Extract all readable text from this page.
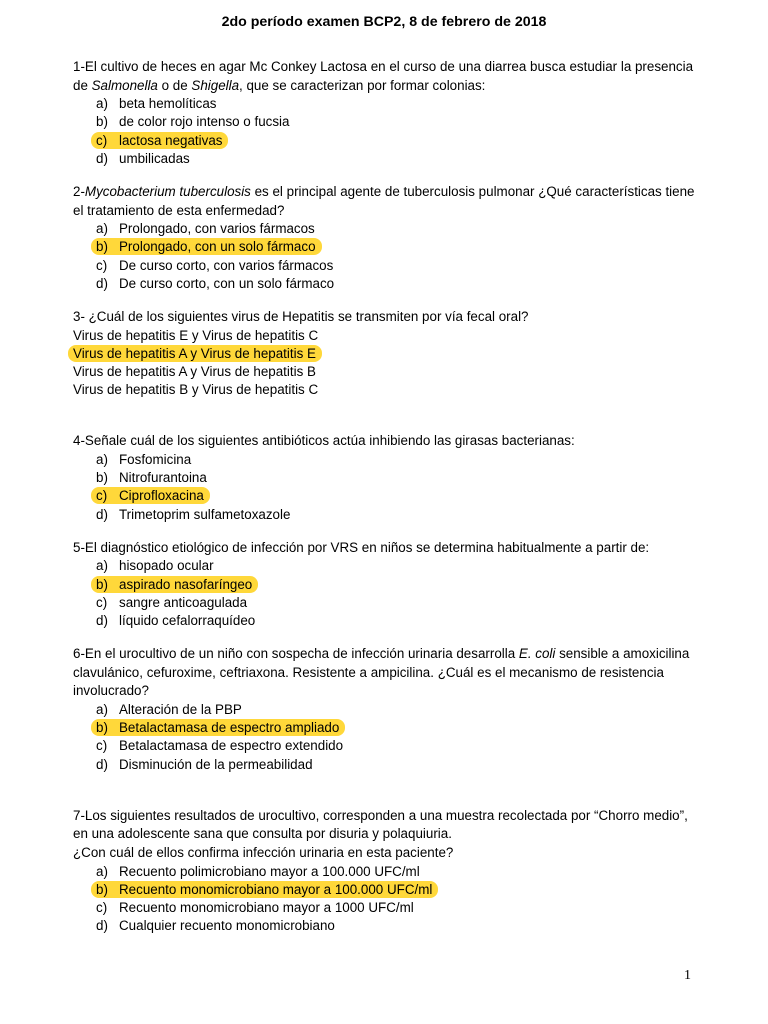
2do período examen BCP2, 8 de febrero de 2018
1-El cultivo de heces en agar Mc Conkey Lactosa en el curso de una diarrea busca estudiar la presencia de Salmonella o de Shigella, que se caracterizan por formar colonias:
a) beta hemolíticas
b) de color rojo intenso o fucsia
c) lactosa negativas
d) umbilicadas
2-Mycobacterium tuberculosis es el principal agente de tuberculosis pulmonar ¿Qué características tiene el tratamiento de esta enfermedad?
a) Prolongado, con varios fármacos
b) Prolongado, con un solo fármaco
c) De curso corto, con varios fármacos
d) De curso corto, con un solo fármaco
3- ¿Cuál de los siguientes virus de Hepatitis se transmiten por vía fecal oral?
Virus de hepatitis E y Virus de hepatitis C
Virus de hepatitis A y Virus de hepatitis E
Virus de hepatitis A y Virus de hepatitis B
Virus de hepatitis B y Virus de hepatitis C
4-Señale cuál de los siguientes antibióticos actúa inhibiendo las girasas bacterianas:
a) Fosfomicina
b) Nitrofurantoina
c) Ciprofloxacina
d) Trimetoprim sulfametoxazole
5-El diagnóstico etiológico de infección por VRS en niños se determina habitualmente a partir de:
a) hisopado ocular
b) aspirado nasofaríngeo
c) sangre anticoagulada
d) líquido cefalorraquídeo
6-En el urocultivo de un niño con sospecha de infección urinaria desarrolla E. coli sensible a amoxicilina clavulánico, cefuroxime, ceftriaxona. Resistente a ampicilina. ¿Cuál es el mecanismo de resistencia involucrado?
a) Alteración de la PBP
b) Betalactamasa de espectro ampliado
c) Betalactamasa de espectro extendido
d) Disminución de la permeabilidad
7-Los siguientes resultados de urocultivo, corresponden a una muestra recolectada por “Chorro medio”, en una adolescente sana que consulta por disuria y polaquiuria.
¿Con cuál de ellos confirma infección urinaria en esta paciente?
a) Recuento polimicrobiano mayor a 100.000 UFC/ml
b) Recuento monomicrobiano mayor a 100.000 UFC/ml
c) Recuento monomicrobiano mayor a 1000 UFC/ml
d) Cualquier recuento monomicrobiano
1
